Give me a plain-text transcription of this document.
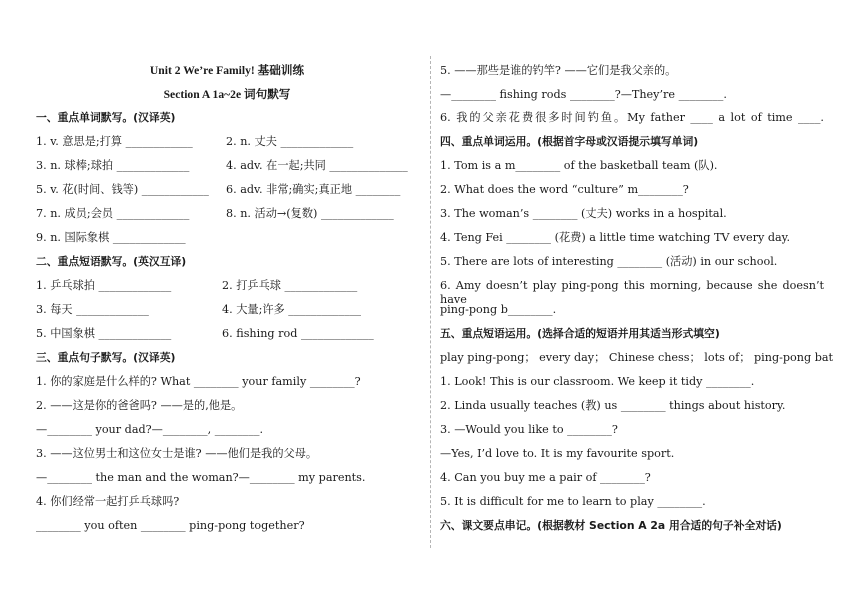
Unit 2 We’re Family! 基础训练
Section A 1a~2e 词句默写
一、重点单词默写。(汉译英)
1. v. 意思是;打算 ____________	2. n. 丈夫 _____________
3. n. 球棒;球拍 _____________	4. adv. 在一起;共同 ______________
5. v. 花(时间、钱等) ____________ 6. adv. 非常;确实;真正地 ________
7. n. 成员;会员 _____________	8. n. 活动→(复数) _____________
9. n. 国际象棋 _____________
二、重点短语默写。(英汉互译)
1. 乒乓球拍 _____________	2. 打乒乓球 _____________
3. 每天 _____________	4. 大量;许多 _____________
5. 中国象棋 _____________	6. fishing rod _____________
三、重点句子默写。(汉译英)
1. 你的家庭是什么样的? What ________ your family ________?
2. ——这是你的爸爸吗? ——是的,他是。
—________ your dad?—________, ________.
3. ——这位男士和这位女士是谁? ——他们是我的父母。
—________ the man and the woman?—________ my parents.
4. 你们经常一起打乒乓球吗?
________ you often ________ ping-pong together?
5. ——那些是谁的钓竿? ——它们是我父亲的。
—________ fishing rods ________?—They’re ________.
6. 我的父亲花费很多时间钓鱼。My father ____ a lot of time ____.
四、重点单词运用。(根据首字母或汉语提示填写单词)
1. Tom is a m________ of the basketball team (队).
2. What does the word “culture” m________?
3. The woman’s ________ (丈夫) works in a hospital.
4. Teng Fei ________ (花费) a little time watching TV every day.
5. There are lots of interesting ________ (活动) in our school.
6. Amy doesn’t play ping-pong this morning, because she doesn’t have
ping-pong b________.
五、重点短语运用。(选择合适的短语并用其适当形式填空)
play ping-pong； every day； Chinese chess； lots of； ping-pong bat
1. Look! This is our classroom. We keep it tidy ________.
2. Linda usually teaches (教) us ________ things about history.
3. —Would you like to ________?
—Yes, I’d love to. It is my favourite sport.
4. Can you buy me a pair of ________?
5. It is difficult for me to learn to play ________.
六、课文要点串记。(根据教材 Section A 2a 用合适的句子补全对话)
